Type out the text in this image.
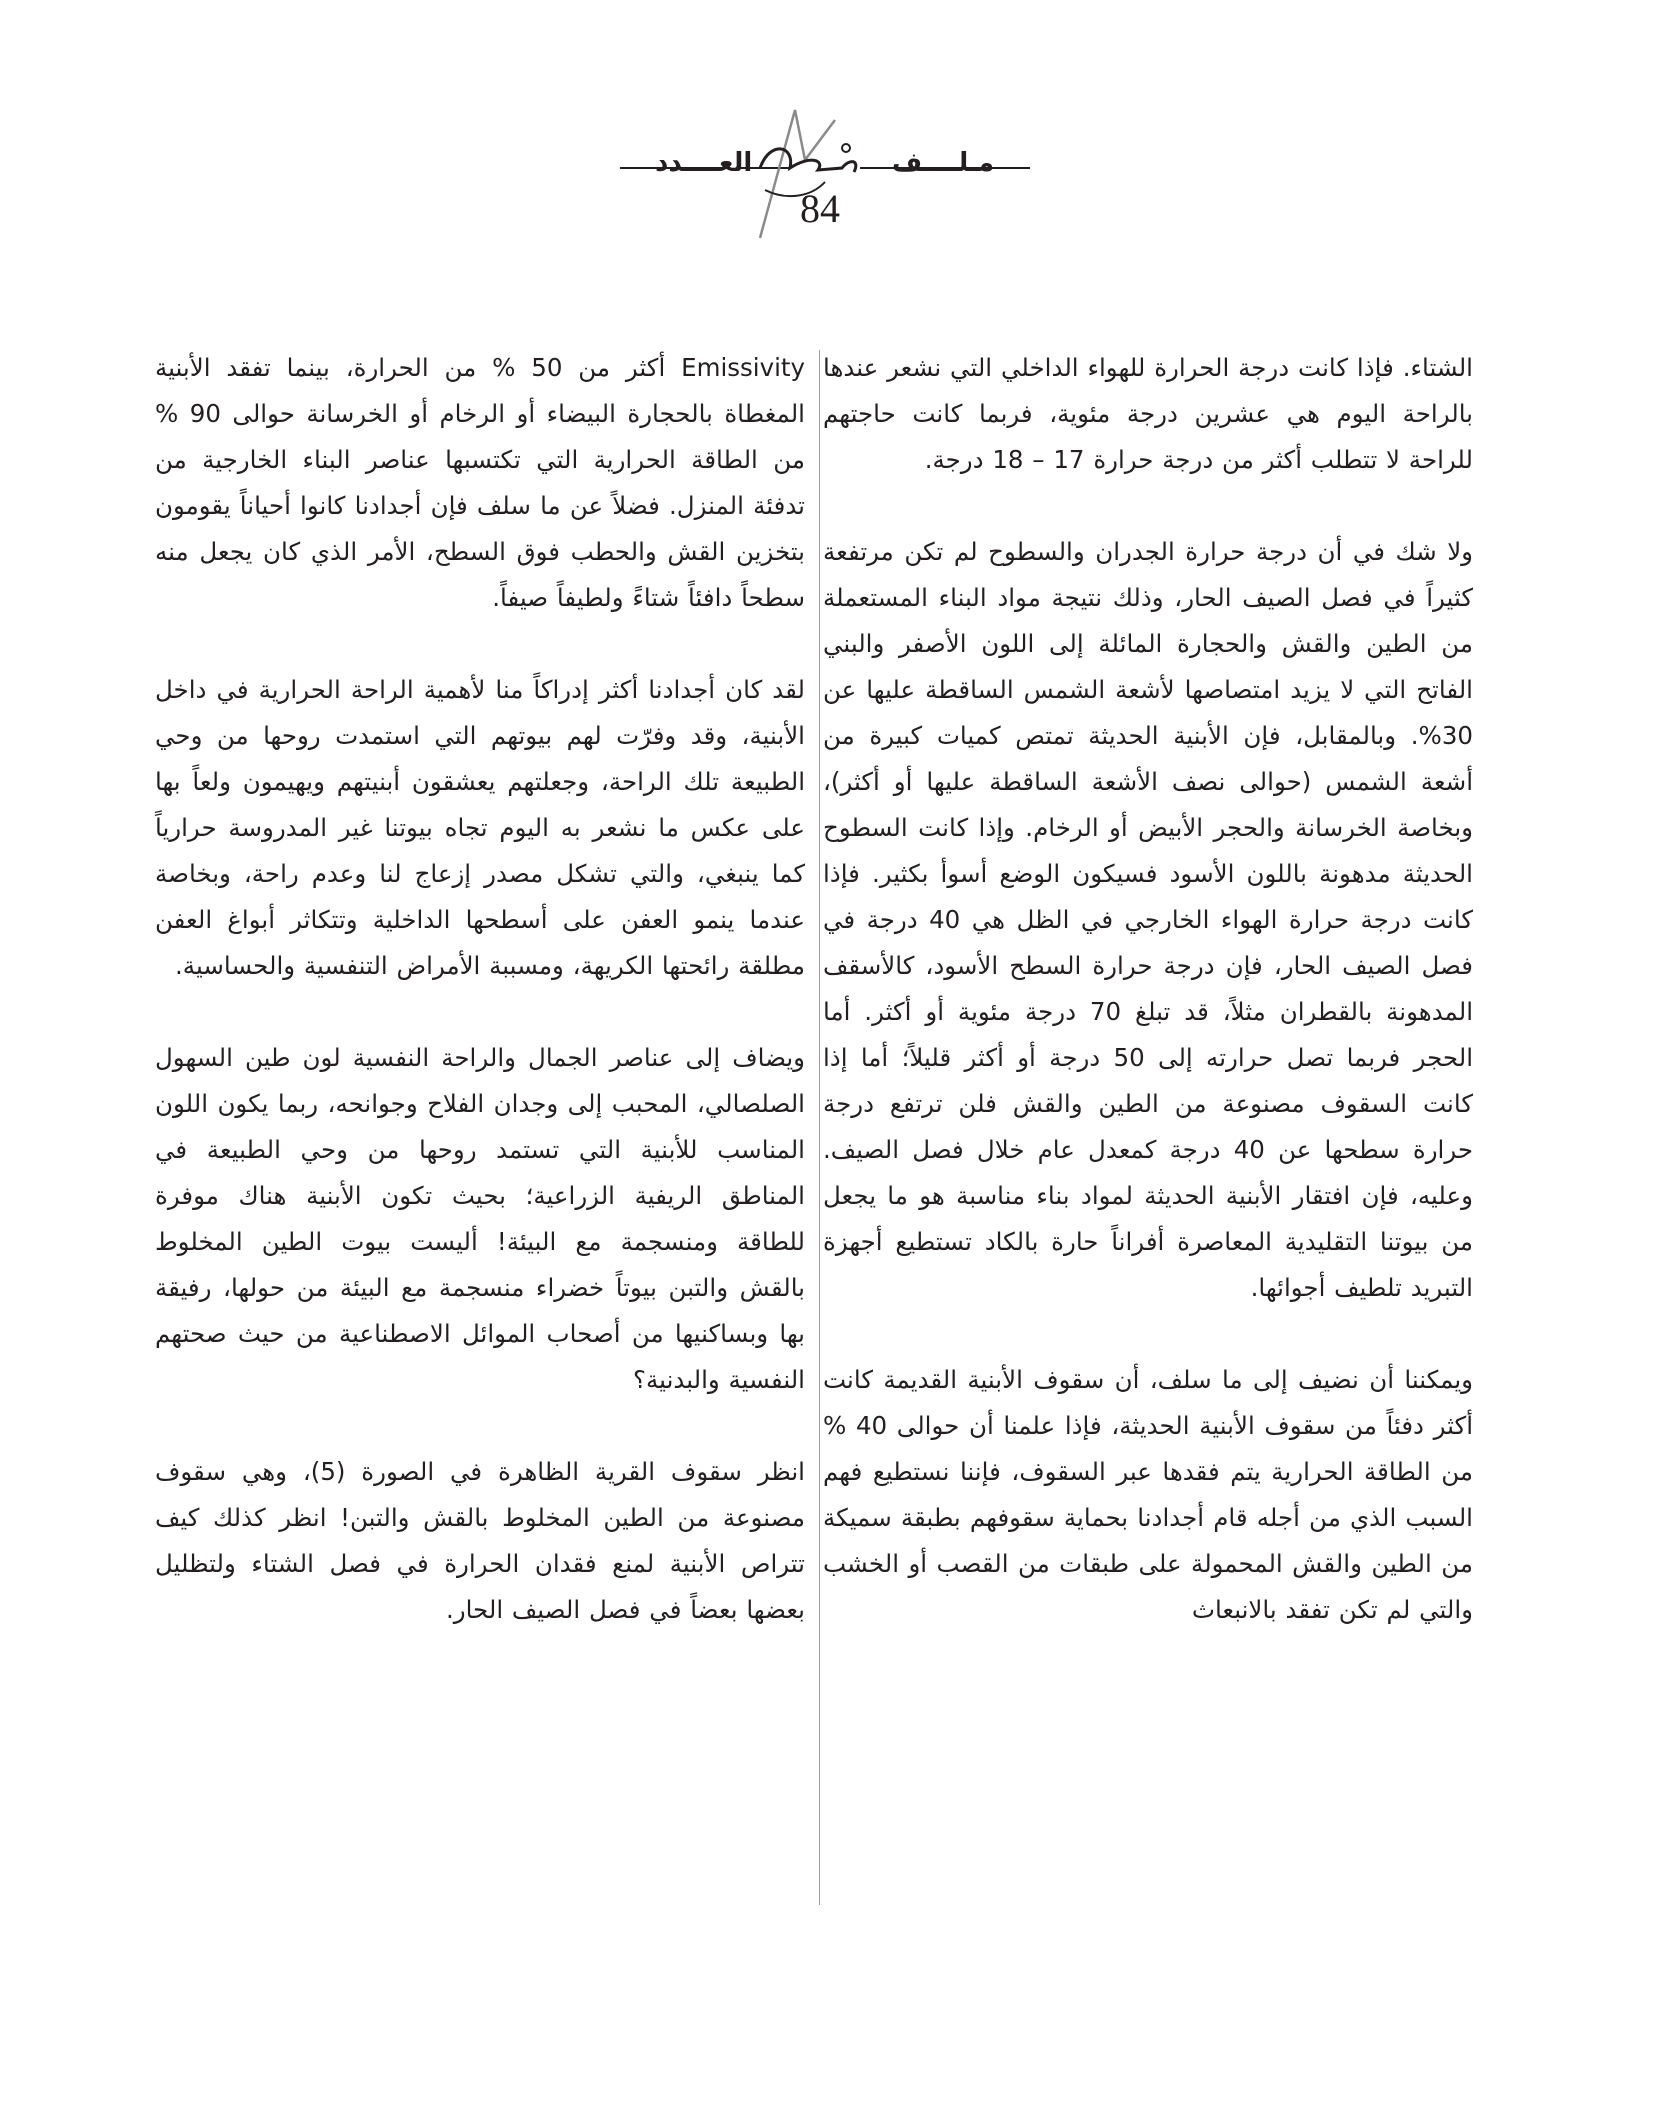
العــــدد	مـلــــف
84

الشتاء. فإذا كانت درجة الحرارة للهواء الداخلي التي نشعر عندها بالراحة اليوم هي عشرين درجة مئوية، فربما كانت حاجتهم للراحة لا تتطلب أكثر من درجة حرارة 17 – 18 درجة.

ولا شك في أن درجة حرارة الجدران والسطوح لم تكن مرتفعة كثيراً في فصل الصيف الحار، وذلك نتيجة مواد البناء المستعملة من الطين والقش والحجارة المائلة إلى اللون الأصفر والبني الفاتح التي لا يزيد امتصاصها لأشعة الشمس الساقطة عليها عن 30%. وبالمقابل، فإن الأبنية الحديثة تمتص كميات كبيرة من أشعة الشمس (حوالى نصف الأشعة الساقطة عليها أو أكثر)، وبخاصة الخرسانة والحجر الأبيض أو الرخام. وإذا كانت السطوح الحديثة مدهونة باللون الأسود فسيكون الوضع أسوأ بكثير. فإذا كانت درجة حرارة الهواء الخارجي في الظل هي 40 درجة في فصل الصيف الحار، فإن درجة حرارة السطح الأسود، كالأسقف المدهونة بالقطران مثلاً، قد تبلغ 70 درجة مئوية أو أكثر. أما الحجر فربما تصل حرارته إلى 50 درجة أو أكثر قليلاً؛ أما إذا كانت السقوف مصنوعة من الطين والقش فلن ترتفع درجة حرارة سطحها عن 40 درجة كمعدل عام خلال فصل الصيف. وعليه، فإن افتقار الأبنية الحديثة لمواد بناء مناسبة هو ما يجعل من بيوتنا التقليدية المعاصرة أفراناً حارة بالكاد تستطيع أجهزة التبريد تلطيف أجوائها.

ويمكننا أن نضيف إلى ما سلف، أن سقوف الأبنية القديمة كانت أكثر دفئاً من سقوف الأبنية الحديثة، فإذا علمنا أن حوالى 40 % من الطاقة الحرارية يتم فقدها عبر السقوف، فإننا نستطيع فهم السبب الذي من أجله قام أجدادنا بحماية سقوفهم بطبقة سميكة من الطين والقش المحمولة على طبقات من القصب أو الخشب والتي لم تكن تفقد بالانبعاث

Emissivity أكثر من 50 % من الحرارة، بينما تفقد الأبنية المغطاة بالحجارة البيضاء أو الرخام أو الخرسانة حوالى 90 % من الطاقة الحرارية التي تكتسبها عناصر البناء الخارجية من تدفئة المنزل. فضلاً عن ما سلف فإن أجدادنا كانوا أحياناً يقومون بتخزين القش والحطب فوق السطح، الأمر الذي كان يجعل منه سطحاً دافئاً شتاءً ولطيفاً صيفاً.

لقد كان أجدادنا أكثر إدراكاً منا لأهمية الراحة الحرارية في داخل الأبنية، وقد وفرّت لهم بيوتهم التي استمدت روحها من وحي الطبيعة تلك الراحة، وجعلتهم يعشقون أبنيتهم ويهيمون ولعاً بها على عكس ما نشعر به اليوم تجاه بيوتنا غير المدروسة حرارياً كما ينبغي، والتي تشكل مصدر إزعاج لنا وعدم راحة، وبخاصة عندما ينمو العفن على أسطحها الداخلية وتتكاثر أبواغ العفن مطلقة رائحتها الكريهة، ومسببة الأمراض التنفسية والحساسية.

ويضاف إلى عناصر الجمال والراحة النفسية لون طين السهول الصلصالي، المحبب إلى وجدان الفلاح وجوانحه، ربما يكون اللون المناسب للأبنية التي تستمد روحها من وحي الطبيعة في المناطق الريفية الزراعية؛ بحيث تكون الأبنية هناك موفرة للطاقة ومنسجمة مع البيئة! أليست بيوت الطين المخلوط بالقش والتبن بيوتاً خضراء منسجمة مع البيئة من حولها، رفيقة بها وبساكنيها من أصحاب الموائل الاصطناعية من حيث صحتهم النفسية والبدنية؟

انظر سقوف القرية الظاهرة في الصورة (5)، وهي سقوف مصنوعة من الطين المخلوط بالقش والتبن! انظر كذلك كيف تتراص الأبنية لمنع فقدان الحرارة في فصل الشتاء ولتظليل بعضها بعضاً في فصل الصيف الحار.
